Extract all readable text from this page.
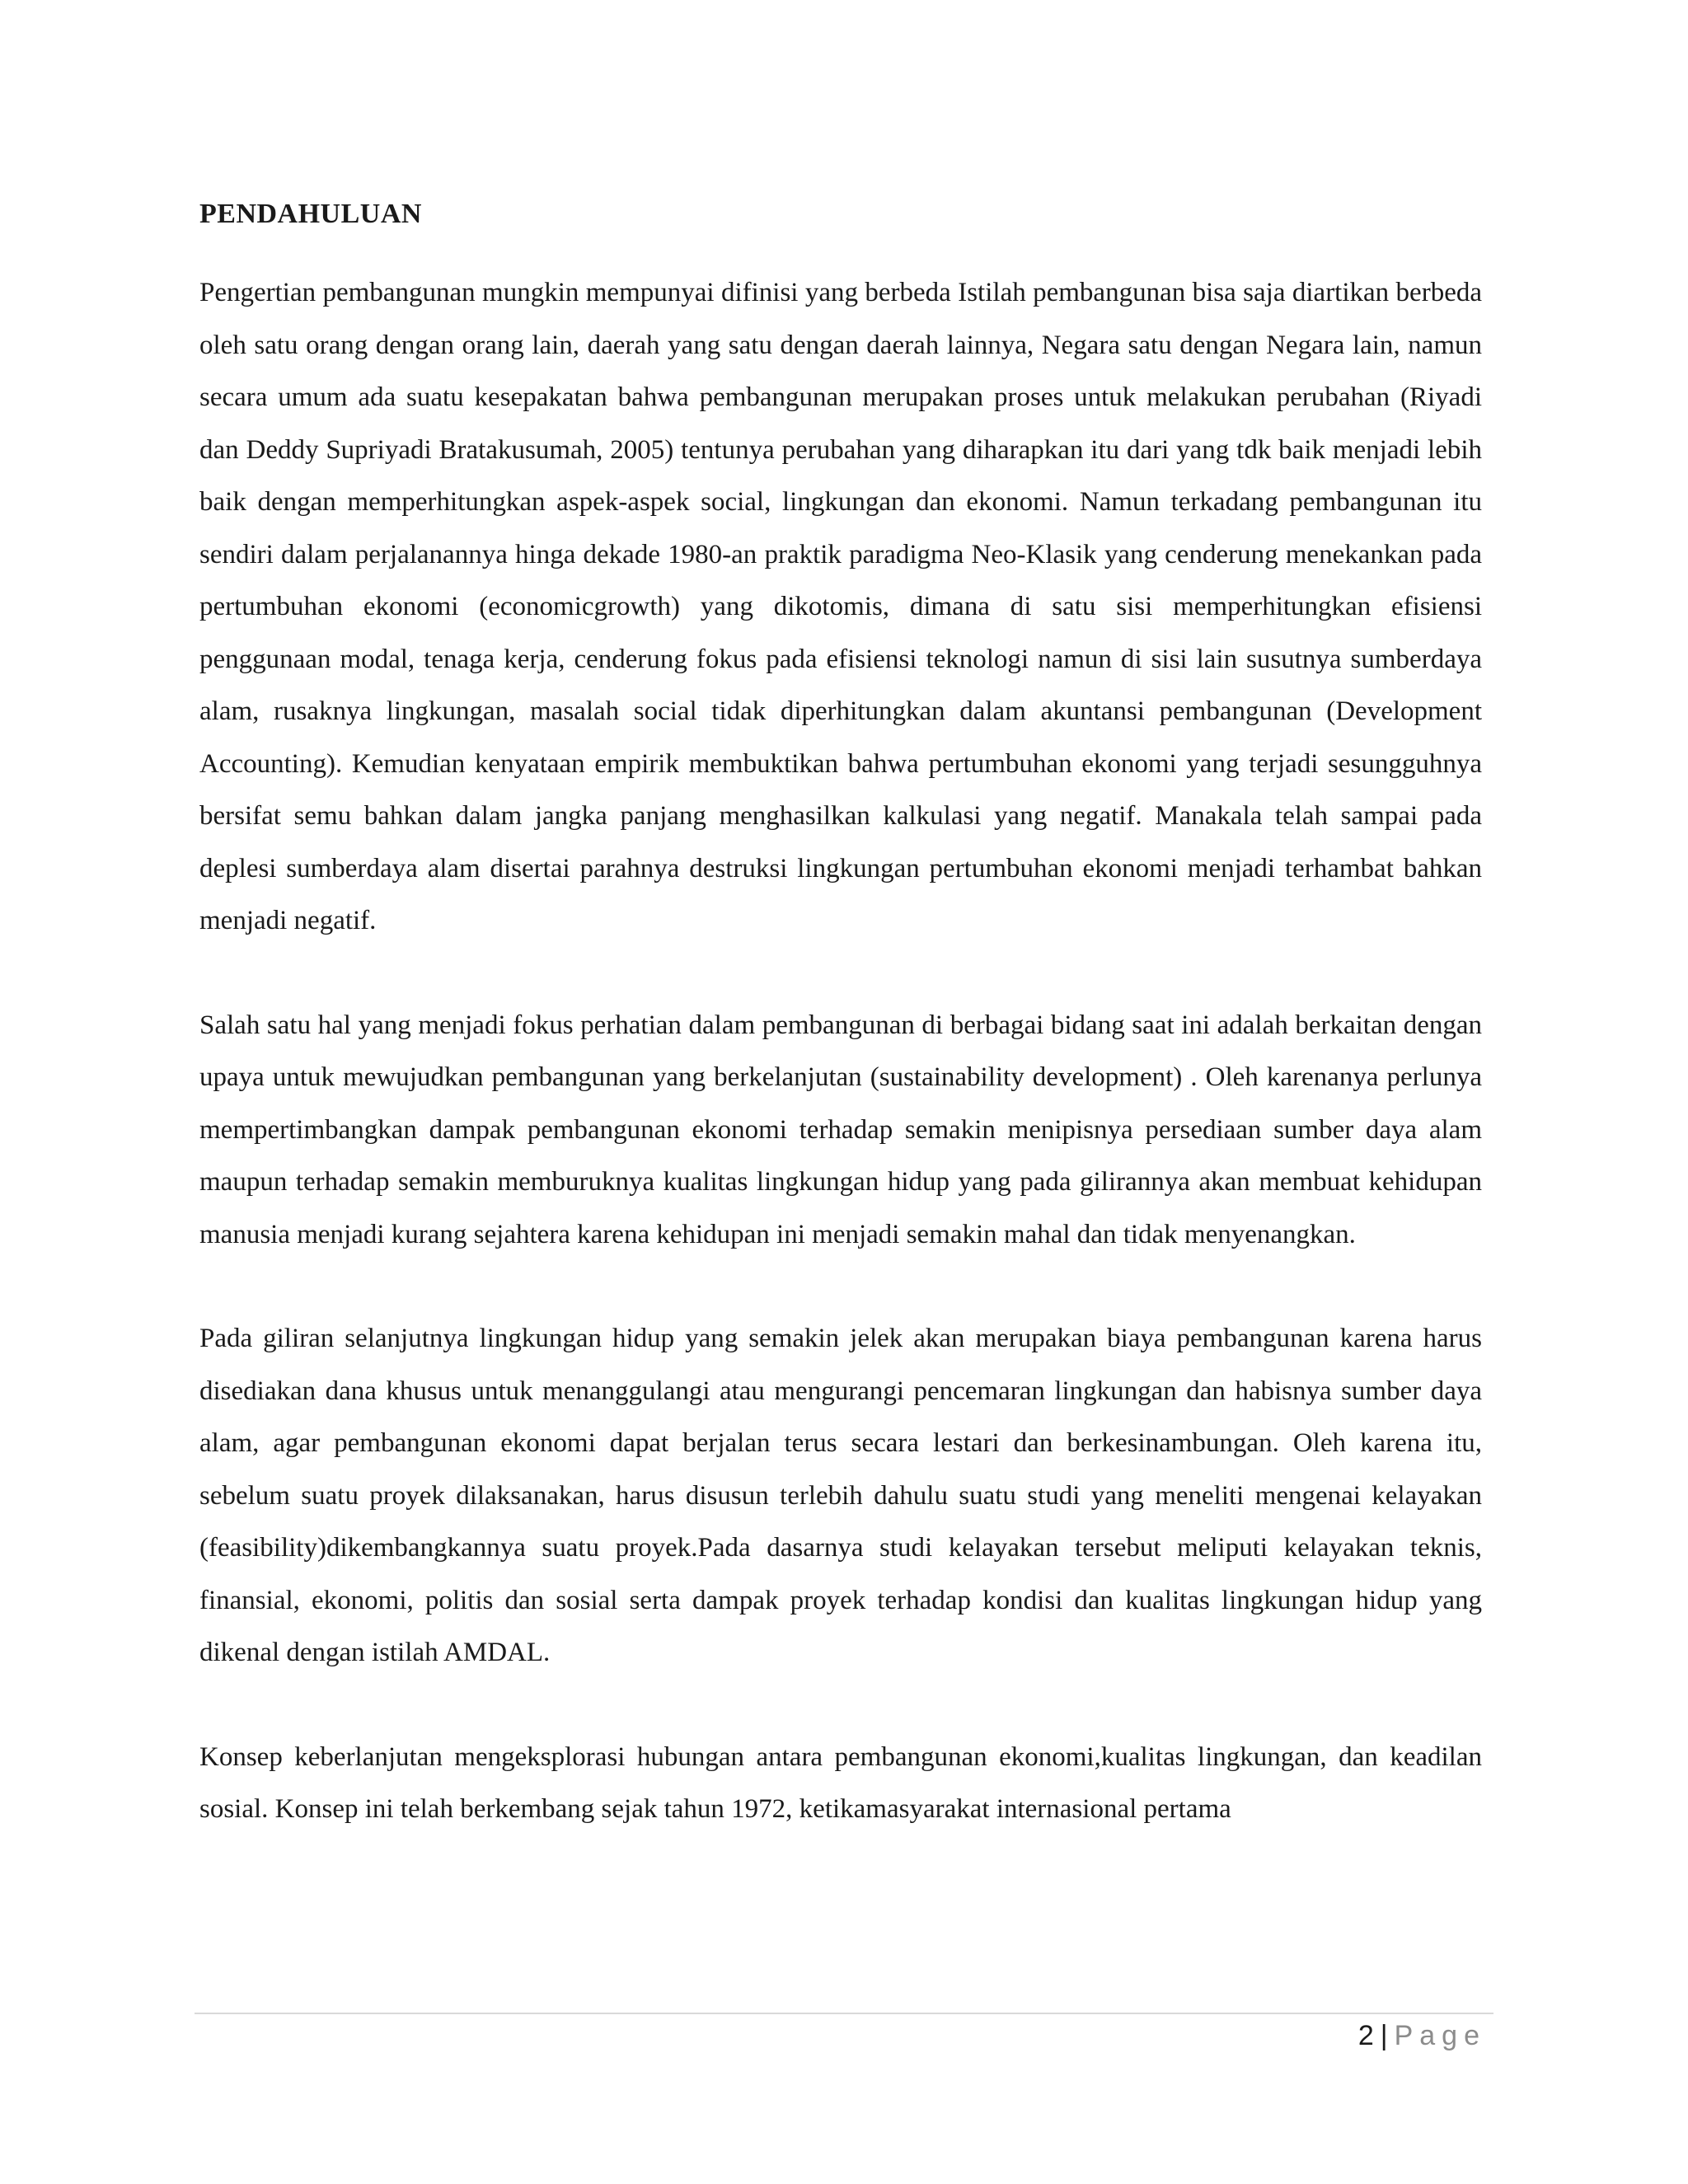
PENDAHULUAN

Pengertian pembangunan mungkin mempunyai difinisi yang berbeda Istilah pembangunan bisa saja diartikan berbeda oleh satu orang dengan orang lain, daerah yang satu dengan daerah lainnya, Negara satu dengan Negara lain, namun secara umum ada suatu kesepakatan bahwa pembangunan merupakan proses untuk melakukan perubahan (Riyadi dan Deddy Supriyadi Bratakusumah, 2005) tentunya perubahan yang diharapkan itu dari yang tdk baik menjadi lebih baik dengan memperhitungkan aspek-aspek social, lingkungan dan ekonomi. Namun terkadang pembangunan itu sendiri dalam perjalanannya hinga dekade 1980-an praktik paradigma Neo-Klasik yang cenderung menekankan pada pertumbuhan ekonomi (economicgrowth) yang dikotomis, dimana di satu sisi memperhitungkan efisiensi penggunaan modal, tenaga kerja, cenderung fokus pada efisiensi teknologi namun di sisi lain susutnya sumberdaya alam, rusaknya lingkungan, masalah social tidak diperhitungkan dalam akuntansi pembangunan (Development Accounting). Kemudian kenyataan empirik membuktikan bahwa pertumbuhan ekonomi yang terjadi sesungguhnya bersifat semu bahkan dalam jangka panjang menghasilkan kalkulasi yang negatif. Manakala telah sampai pada deplesi sumberdaya alam disertai parahnya destruksi lingkungan pertumbuhan ekonomi menjadi terhambat bahkan menjadi negatif.

Salah satu hal yang menjadi fokus perhatian dalam pembangunan di berbagai bidang saat ini adalah berkaitan dengan upaya untuk mewujudkan pembangunan yang berkelanjutan (sustainability development) . Oleh karenanya perlunya mempertimbangkan dampak pembangunan ekonomi terhadap semakin menipisnya persediaan sumber daya alam maupun terhadap semakin memburuknya kualitas lingkungan hidup yang pada gilirannya akan membuat kehidupan manusia menjadi kurang sejahtera karena kehidupan ini menjadi semakin mahal dan tidak menyenangkan.

Pada giliran selanjutnya lingkungan hidup yang semakin jelek akan merupakan biaya pembangunan karena harus disediakan dana khusus untuk menanggulangi atau mengurangi pencemaran lingkungan dan habisnya sumber daya alam, agar pembangunan ekonomi dapat berjalan terus secara lestari dan berkesinambungan. Oleh karena itu, sebelum suatu proyek dilaksanakan, harus disusun terlebih dahulu suatu studi yang meneliti mengenai kelayakan (feasibility)dikembangkannya suatu proyek.Pada dasarnya studi kelayakan tersebut meliputi kelayakan teknis, finansial, ekonomi, politis dan sosial serta dampak proyek terhadap kondisi dan kualitas lingkungan hidup yang dikenal dengan istilah AMDAL.

Konsep keberlanjutan mengeksplorasi hubungan antara pembangunan ekonomi,kualitas lingkungan, dan keadilan sosial. Konsep ini telah berkembang sejak tahun 1972, ketikamasyarakat internasional pertama

2 | Page
